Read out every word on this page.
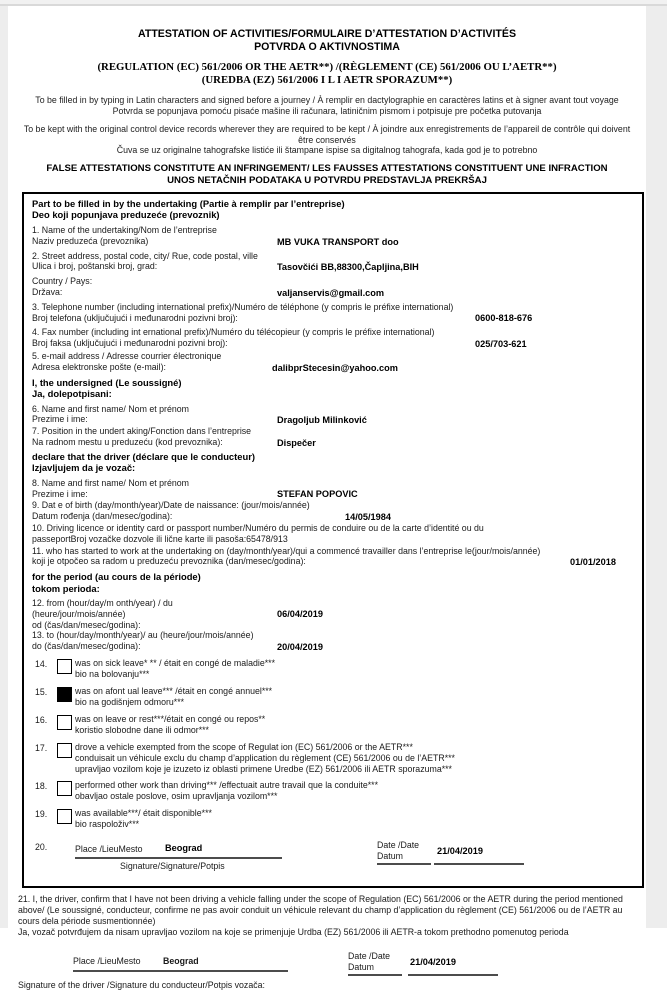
ATTESTATION OF ACTIVITIES/FORMULAIRE D’ATTESTATION D’ACTIVITÉS
POTVRDA O AKTIVNOSTIMA
(REGULATION (EC) 561/2006 OR THE AETR**) /(RÈGLEMENT (CE) 561/2006 OU L’AETR**)
(UREDBA (EZ) 561/2006 I L I AETR SPORAZUM**)
To be filled in by typing in Latin characters and signed before a journey / À remplir en dactylographie en caractères latins et à signer avant tout voyage
Potvrda se popunjava pomoću pisaće mašine ili računara, latiničnim pismom i potpisuje pre početka putovanja
To be kept with the original control device records wherever they are required to be kept / À joindre aux enregistrements de l’appareil de contrôle qui doivent
être conservés
Čuva se uz originalne tahografske listiće ili štampane ispise sa digitalnog tahografa, kada god je to potrebno
FALSE ATTESTATIONS CONSTITUTE AN INFRINGEMENT/ LES FAUSSES ATTESTATIONS CONSTITUENT UNE INFRACTION
UNOS NETAČNIH PODATAKA U POTVRDU PREDSTAVLJA PREKRŠAJ
Part to be filled in by the undertaking (Partie à remplir par l’entreprise)
Deo koji popunjava preduzeće (prevoznik)
1. Name of the undertaking/Nom de l’entreprise
Naziv preduzeća (prevoznika)	MB VUKA TRANSPORT doo
2. Street address, postal code, city/ Rue, code postal, ville
Ulica i broj, poštanski broj, grad:	Tasovčići BB,88300,Čapljina,BIH
Country / Pays:
Država:	valjanservis@gmail.com
3. Telephone number (including international prefix)/Numéro de téléphone (y compris le préfixe international)
Broj telefona (uključujući i međunarodni pozivni broj):	0600-818-676
4. Fax number (including int ernational prefix)/Numéro du télécopieur (y compris le préfixe international)
Broj faksa (uključujući i međunarodni pozivni broj):	025/703-621
5. e-mail address / Adresse courrier électronique
Adresa elektronske pošte (e-mail):	dalibprStecesin@yahoo.com
I, the undersigned (Le soussigné)
Ja, dolepotpisani:
6. Name and first name/ Nom et prénom
Prezime i ime:	Dragoljub Milinković
7. Position in the undert aking/Fonction dans l’entreprise
Na radnom mestu u preduzeću (kod prevoznika):	Dispečer
declare that the driver (déclare que le conducteur)
Izjavljujem da je vozač:
8. Name and first name/ Nom et prénom
Prezime i ime:	STEFAN POPOVIC
9. Dat e of birth (day/month/year)/Date de naissance: (jour/mois/année)
Datum rođenja (dan/mesec/godina):	14/05/1984
10. Driving licence or identity card or passport number/Numéro du permis de conduire ou de la carte d’identité ou du
passeportBroj vozačke dozvole ili lične karte ili pasoša:65478/913
11. who has started to work at the undertaking on (day/month/year)/qui a commencé travailler dans l’entreprise le(jour/mois/année)
koji je otpočeo sa radom u preduzeću prevoznika (dan/mesec/godina):	01/01/2018
for the period (au cours de la période)
tokom perioda:
12. from (hour/day/m onth/year) / du
(heure/jour/mois/année)
od (čas/dan/mesec/godina):
06/04/2019
13. to (hour/day/month/year)/ au (heure/jour/mois/année)
do (čas/dan/mesec/godina):	20/04/2019
14.	was on sick leave* ** / était en congé de maladie***
bio na bolovanju***
15.	was on afont ual leave*** /était en congé annuel***
bio na godišnjem odmoru***
16.	was on leave or rest***/était en congé ou repos**
koristio slobodne dane ili odmor***
17.	drove a vehicle exempted from the scope of Regulat ion (EC) 561/2006 or the AETR***
conduisait un véhicule exclu du champ d’application du règlement (CE) 561/2006 ou de l’AETR***
upravljao vozilom koje je izuzeto iz oblasti primene Uredbe (EZ) 561/2006 ili AETR sporazuma***
18.	performed other work than driving*** /effectuait autre travail que la conduite***
obavljao ostale poslove, osim upravljanja vozilom***
19.	was available***/ était disponible***
bio raspoloživ***
20.	Place /LieuMesto Beograd
Signature/Signature/Potpis
Date /Date
Datum	21/04/2019
21. I, the driver, confirm that I have not been driving a vehicle falling under the scope of Regulation (EC) 561/2006 or the AETR during the period mentioned above/ (Le soussigné, conducteur, confirme ne pas avoir conduit un véhicule relevant du champ d’application du règlement (CE) 561/2006 ou de l’AETR au cours dela période susmentionnée)
Ja, vozač potvrđujem da nisam upravljao vozilom na koje se primenjuje Urdba (EZ) 561/2006 ili AETR-a tokom prethodno pomenutog perioda
Place /LieuMesto	Beograd	Date /Date
Datum	21/04/2019
Signature of the driver /Signature du conducteur/Potpis vozača:
